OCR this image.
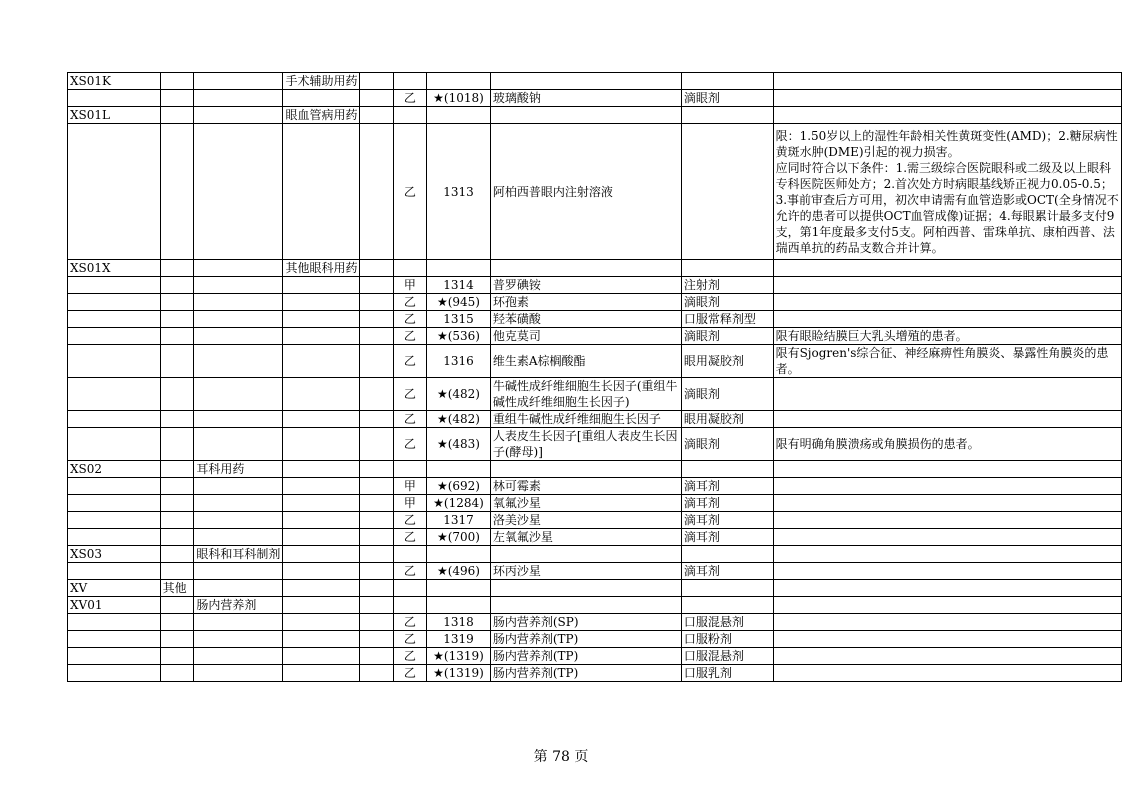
XS01K			手术辅助用药						
					乙	★(1018)	玻璃酸钠	滴眼剂	
XS01L			眼血管病用药						
					乙	1313	阿柏西普眼内注射溶液		限：1.50岁以上的湿性年龄相关性黄斑变性(AMD)；2.糖尿病性黄斑水肿(DME)引起的视力损害。
应同时符合以下条件：1.需三级综合医院眼科或二级及以上眼科专科医院医师处方；2.首次处方时病眼基线矫正视力0.05-0.5；3.事前审查后方可用，初次申请需有血管造影或OCT(全身情况不允许的患者可以提供OCT血管成像)证据；4.每眼累计最多支付9支，第1年度最多支付5支。阿柏西普、雷珠单抗、康柏西普、法瑞西单抗的药品支数合并计算。
XS01X			其他眼科用药						
					甲	1314	普罗碘铵	注射剂	
					乙	★(945)	环孢素	滴眼剂	
					乙	1315	羟苯磺酸	口服常释剂型	
					乙	★(536)	他克莫司	滴眼剂	限有眼睑结膜巨大乳头增殖的患者。
					乙	1316	维生素A棕榈酸酯	眼用凝胶剂	限有Sjogren's综合征、神经麻痹性角膜炎、暴露性角膜炎的患者。
					乙	★(482)	牛碱性成纤维细胞生长因子(重组牛碱性成纤维细胞生长因子)	滴眼剂	
					乙	★(482)	重组牛碱性成纤维细胞生长因子	眼用凝胶剂	
					乙	★(483)	人表皮生长因子[重组人表皮生长因子(酵母)]	滴眼剂	限有明确角膜溃疡或角膜损伤的患者。
XS02		耳科用药							
					甲	★(692)	林可霉素	滴耳剂	
					甲	★(1284)	氧氟沙星	滴耳剂	
					乙	1317	洛美沙星	滴耳剂	
					乙	★(700)	左氧氟沙星	滴耳剂	
XS03		眼科和耳科制剂							
					乙	★(496)	环丙沙星	滴耳剂	
XV	其他								
XV01		肠内营养剂							
					乙	1318	肠内营养剂(SP)	口服混悬剂	
					乙	1319	肠内营养剂(TP)	口服粉剂	
					乙	★(1319)	肠内营养剂(TP)	口服混悬剂	
					乙	★(1319)	肠内营养剂(TP)	口服乳剂	
第 78 页
